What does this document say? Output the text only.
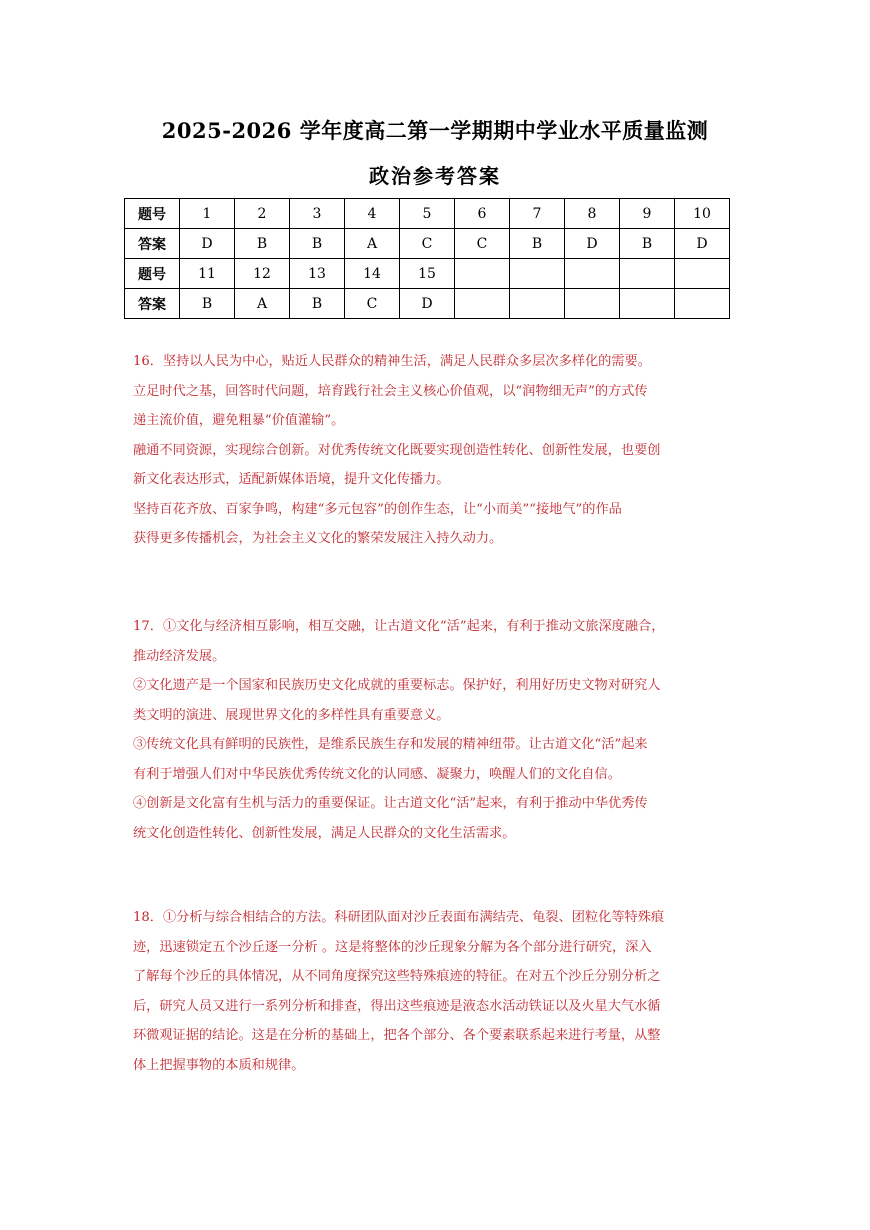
2025-2026 学年度高二第一学期期中学业水平质量监测
政治参考答案
题号	1	2	3	4	5	6	7	8	9	10
答案	D	B	B	A	C	C	B	D	B	D
题号	11	12	13	14	15					
答案	B	A	B	C	D					

16．坚持以人民为中心，贴近人民群众的精神生活，满足人民群众多层次多样化的需要。

立足时代之基，回答时代问题，培育践行社会主义核心价值观，以“润物细无声”的方式传

递主流价值，避免粗暴“价值灌输”。

融通不同资源，实现综合创新。对优秀传统文化既要实现创造性转化、创新性发展，也要创

新文化表达形式，适配新媒体语境，提升文化传播力。

坚持百花齐放、百家争鸣，构建“多元包容”的创作生态，让“小而美”“接地气”的作品

获得更多传播机会，为社会主义文化的繁荣发展注入持久动力。

17．①文化与经济相互影响，相互交融，让古道文化“活”起来，有利于推动文旅深度融合，

推动经济发展。

②文化遗产是一个国家和民族历史文化成就的重要标志。保护好，利用好历史文物对研究人

类文明的演进、展现世界文化的多样性具有重要意义。

③传统文化具有鲜明的民族性，是维系民族生存和发展的精神纽带。让古道文化“活”起来

有利于增强人们对中华民族优秀传统文化的认同感、凝聚力，唤醒人们的文化自信。

④创新是文化富有生机与活力的重要保证。让古道文化“活”起来，有利于推动中华优秀传

统文化创造性转化、创新性发展，满足人民群众的文化生活需求。

18．①分析与综合相结合的方法。科研团队面对沙丘表面布满结壳、龟裂、团粒化等特殊痕

迹，迅速锁定五个沙丘逐一分析 。这是将整体的沙丘现象分解为各个部分进行研究，深入

了解每个沙丘的具体情况，从不同角度探究这些特殊痕迹的特征。在对五个沙丘分别分析之

后，研究人员又进行一系列分析和排查，得出这些痕迹是液态水活动铁证以及火星大气水循

环微观证据的结论。这是在分析的基础上，把各个部分、各个要素联系起来进行考量，从整

体上把握事物的本质和规律。
